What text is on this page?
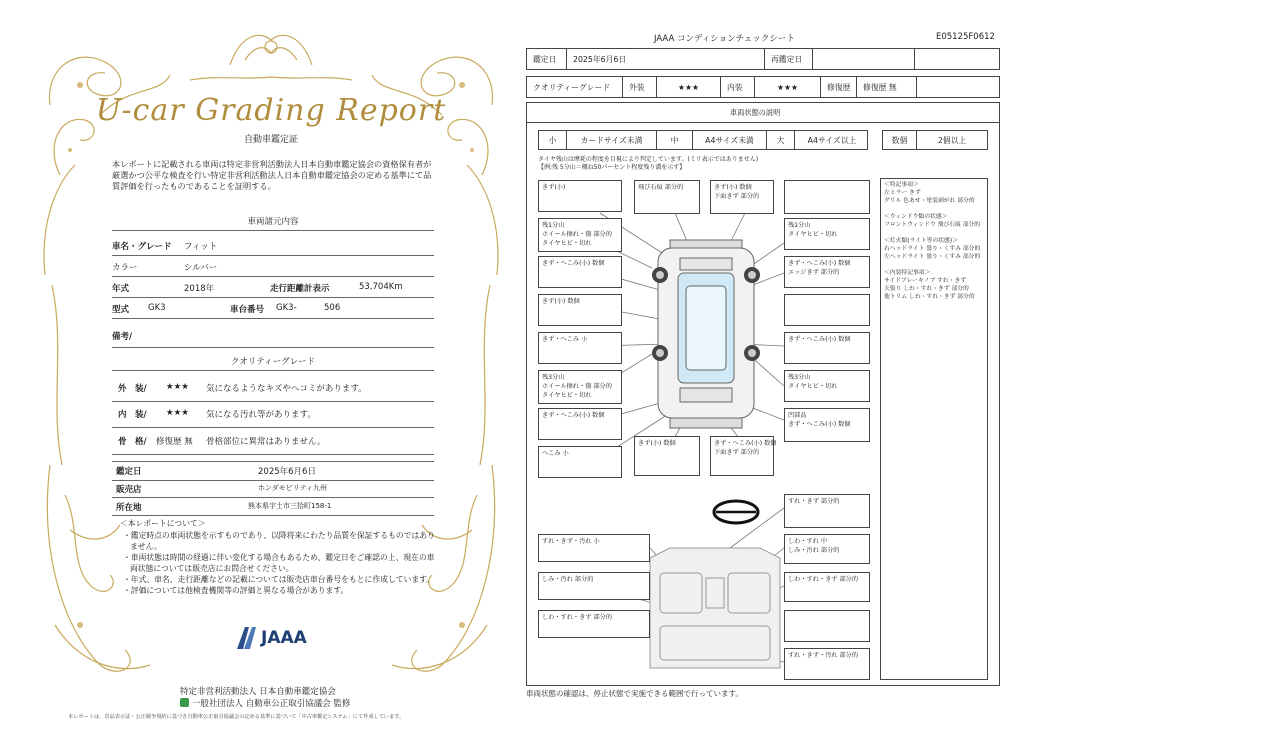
U-car Grading Report
自動車鑑定証
本レポートに記載される車両は特定非営利活動法人日本自動車鑑定協会の資格保有者が厳選かつ公平な検査を行い特定非営利活動法人日本自動車鑑定協会の定める基準にて品質評価を行ったものであることを証明する。
車両諸元内容
車名・グレード フィット
カラー	シルバー
年式	2018年	走行距離計表示	53,704Km
型式 GK3	車台番号 GK3-	506
備考/
クオリティーグレード
外　装/ ★★★ 気になるようなキズやヘコミがあります。
内　装/ ★★★ 気になる汚れ等があります。
骨　格/ 修復歴 無 骨格部位に異常はありません。
鑑定日	2025年6月6日
販売店	ホンダモビリティ九州
所在地	熊本県宇土市三拾町158-1
＜本レポートについて＞
・鑑定時点の車両状態を示すものであり、以降将来にわたり品質を保証するものではありません。
・車両状態は時間の経過に伴い変化する場合もあるため、鑑定日をご確認の上、現在の車両状態については販売店にお問合せください。
・年式、車名、走行距離などの記載については販売店車台番号をもとに作成しています。
・評価については他検査機関等の評価と異なる場合があります。
JAAA
特定非営利活動法人 日本自動車鑑定協会
一般社団法人 自動車公正取引協議会 監修
本レポートは、景品表示法・公正競争規約に基づき自動車公正取引協議会の定める基準に基づいて「中古車鑑定システム」にて作成しています。
JAAA コンディションチェックシート	E05125F0612
鑑定日	2025年6月6日	再鑑定日
クオリティーグレード	外装	★★★	内装	★★★	修復歴	修復歴 無
車両状態の説明
小	カードサイズ未満	中	A4サイズ未満	大	A4サイズ以上	数個	2個以上
タイヤ残山は摩耗の程度を目視により判定しています。(ミリ表示ではありません)
【例:残 5分山＝概ね50パーセント程度残り溝を示す】
きず(小)
残1分山
ホイール擦れ・傷 部分的
タイヤヒビ・切れ
きず・へこみ(小) 数個
きず(小) 数個
きず・へこみ 小
残3分山
ホイール擦れ・傷 部分的
タイヤヒビ・切れ
きず・へこみ(小) 数個
へこみ 小
飛び石痕 部分的	きず(小) 数個
下面きず 部分的
残1分山
タイヤヒビ・切れ
きず・へこみ(小) 数個
エッジきず 部分的
きず・へこみ(小) 数個
残3分山
タイヤヒビ・切れ
凹部品
きず・へこみ(小) 数個
きず(小) 数個	きず・へこみ(小) 数個
下面きず 部分的
すれ・きず 部分的
すれ・きず・汚れ 小	しわ・すれ 中
しみ・汚れ 部分的
しみ・汚れ 部分的	しわ・すれ・きず 部分的
しわ・すれ・きず 部分的
すれ・きず・汚れ 部分的
＜特記事項＞
左ミラー きず
グリル 色あせ・塗装剥がれ 部分的

＜ウィンドウ類の状態＞
フロントウィンドウ 飛び石痕 部分的

＜灯火類(ライト等の状態)＞
右ヘッドライト 曇り・くすみ 部分的
左ヘッドライト 曇り・くすみ 部分的

＜内装特記事項＞
サイドブレーキノブ すれ・きず
天張り しわ・すれ・きず 部分的
他トリム しわ・すれ・きず 部分的
車両状態の確認は、停止状態で実施できる範囲で行っています。
